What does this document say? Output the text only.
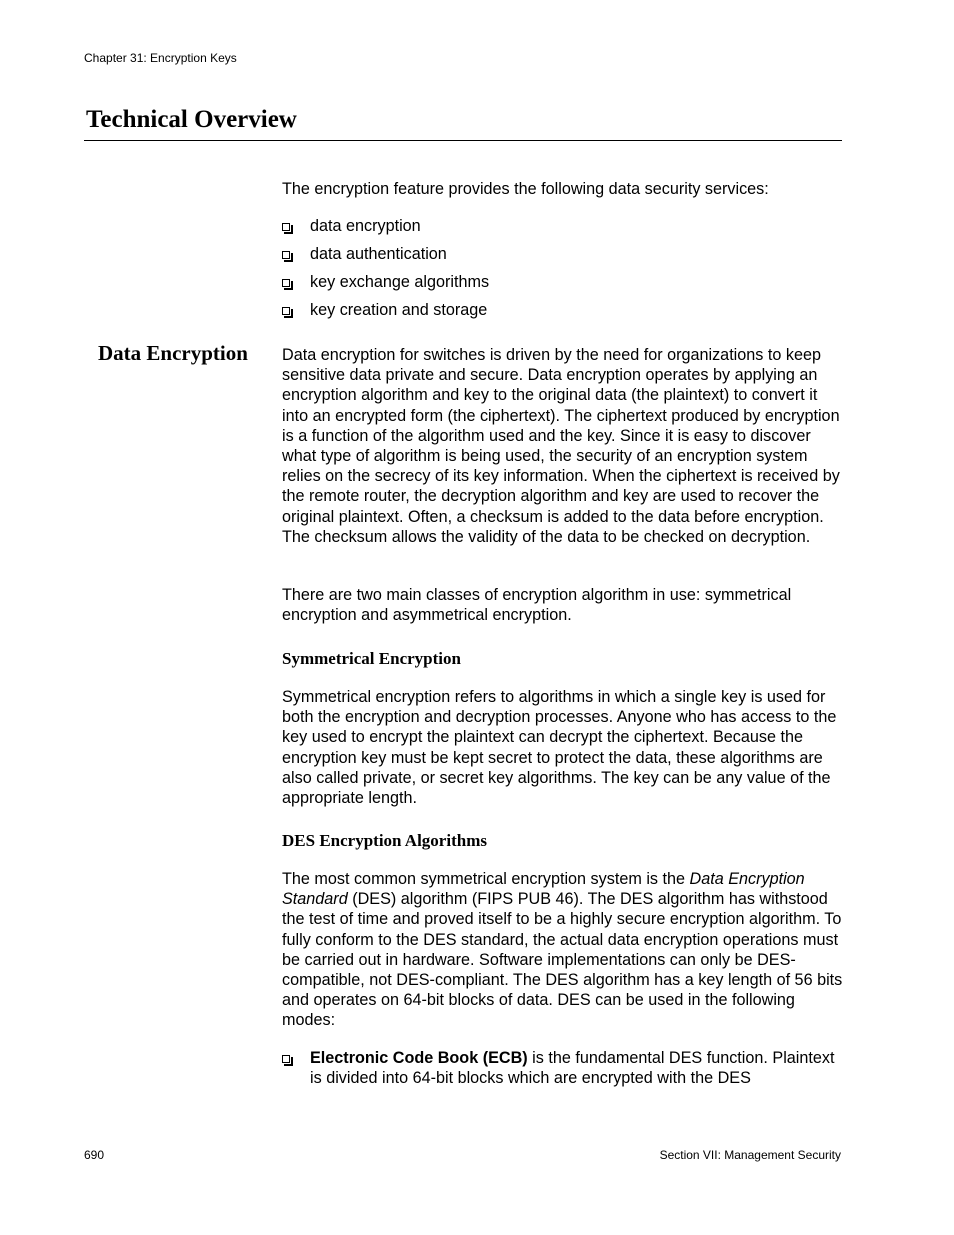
Chapter 31: Encryption Keys
Technical Overview

The encryption feature provides the following data security services:

data encryption
data authentication
key exchange algorithms
key creation and storage
Data Encryption Data encryption for switches is driven by the need for organizations to keep sensitive data private and secure. Data encryption operates by applying an encryption algorithm and key to the original data (the plaintext) to convert it into an encrypted form (the ciphertext). The ciphertext produced by encryption is a function of the algorithm used and the key. Since it is easy to discover what type of algorithm is being used, the security of an encryption system relies on the secrecy of its key information. When the ciphertext is received by the remote router, the decryption algorithm and key are used to recover the original plaintext. Often, a checksum is added to the data before encryption. The checksum allows the validity of the data to be checked on decryption.

There are two main classes of encryption algorithm in use: symmetrical encryption and asymmetrical encryption.

Symmetrical Encryption

Symmetrical encryption refers to algorithms in which a single key is used for both the encryption and decryption processes. Anyone who has access to the key used to encrypt the plaintext can decrypt the ciphertext. Because the encryption key must be kept secret to protect the data, these algorithms are also called private, or secret key algorithms. The key can be any value of the appropriate length.

DES Encryption Algorithms

The most common symmetrical encryption system is the Data Encryption Standard (DES) algorithm (FIPS PUB 46). The DES algorithm has withstood the test of time and proved itself to be a highly secure encryption algorithm. To fully conform to the DES standard, the actual data encryption operations must be carried out in hardware. Software implementations can only be DES-compatible, not DES-compliant. The DES algorithm has a key length of 56 bits and operates on 64-bit blocks of data. DES can be used in the following modes:

Electronic Code Book (ECB) is the fundamental DES function. Plaintext is divided into 64-bit blocks which are encrypted with the DES

690	Section VII: Management Security
